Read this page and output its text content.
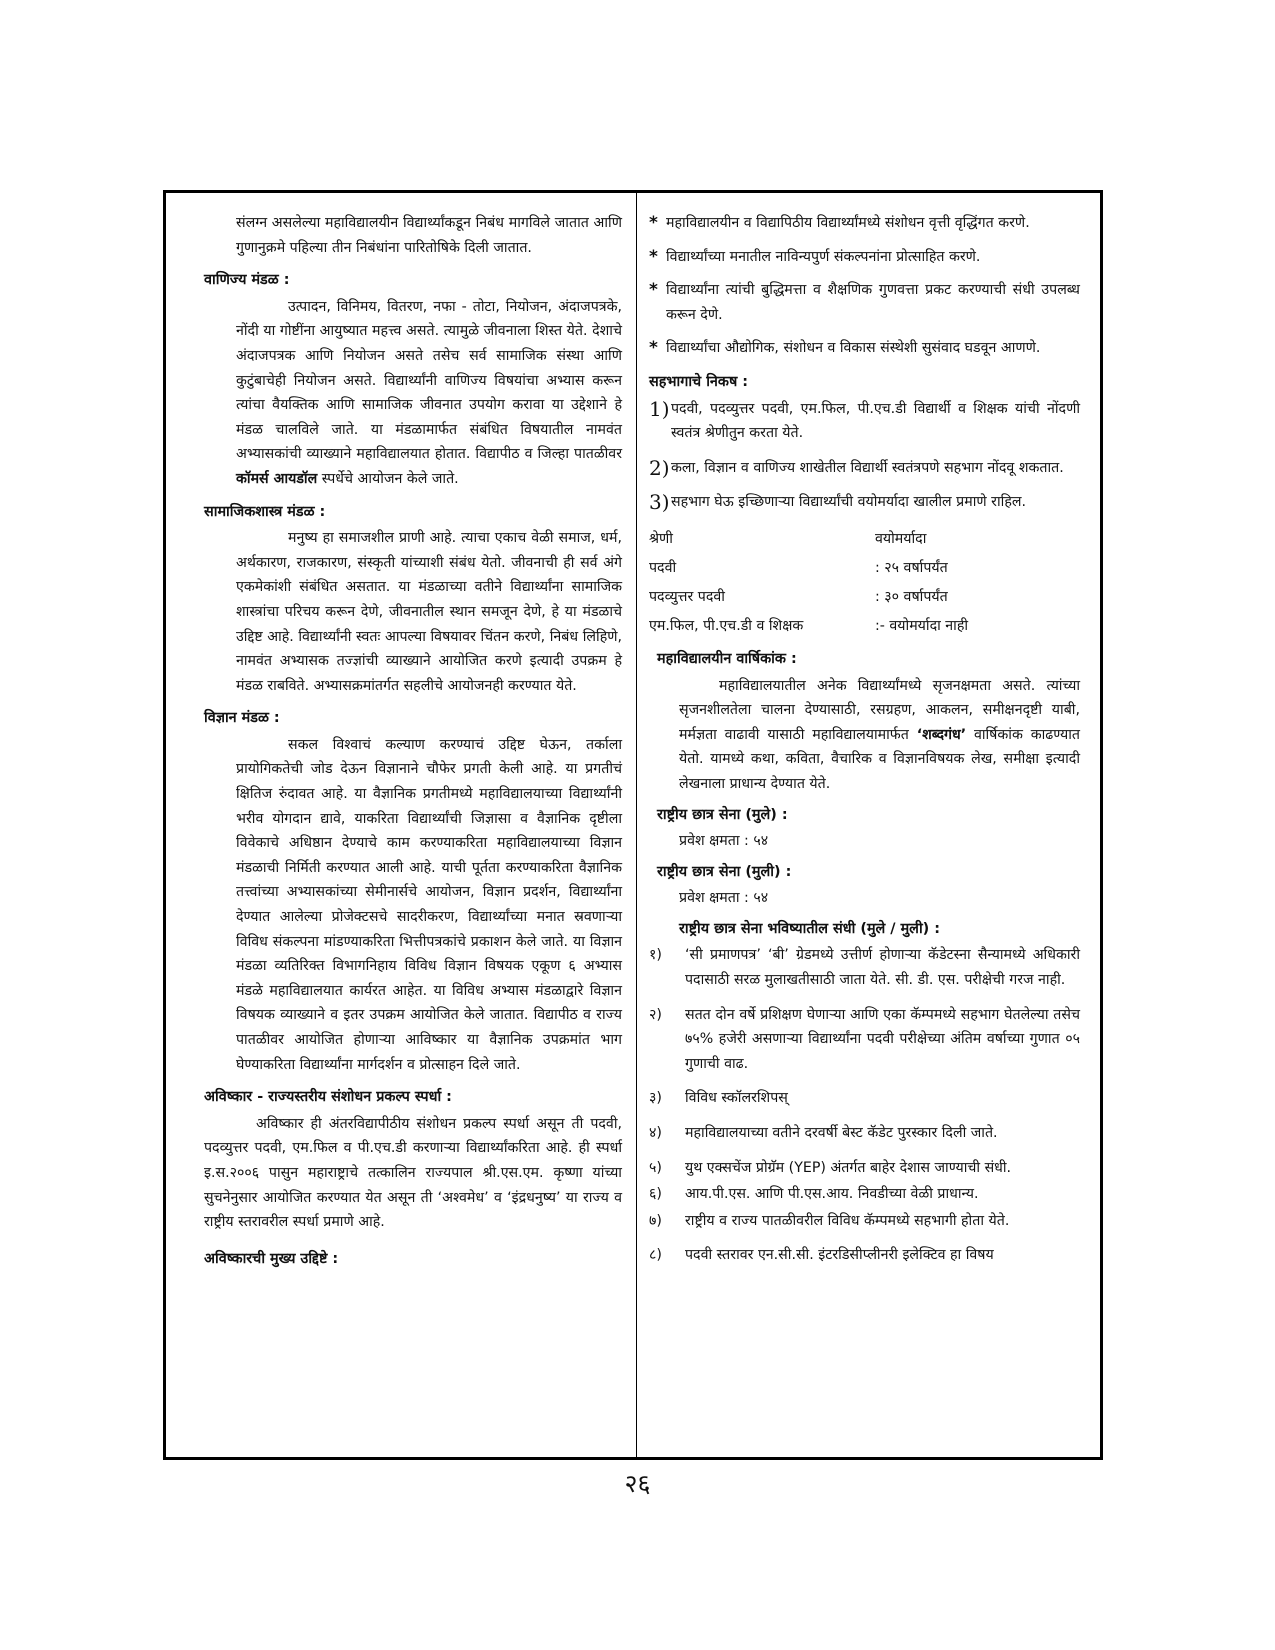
संलग्न असलेल्या महाविद्यालयीन विद्यार्थ्यांकडून निबंध मागविले जातात आणि गुणानुक्रमे पहिल्या तीन निबंधांना पारितोषिके दिली जातात.

वाणिज्य मंडळ :

उत्पादन, विनिमय, वितरण, नफा - तोटा, नियोजन, अंदाजपत्रके, नोंदी या गोष्टींना आयुष्यात महत्त्व असते. त्यामुळे जीवनाला शिस्त येते. देशाचे अंदाजपत्रक आणि नियोजन असते तसेच सर्व सामाजिक संस्था आणि कुटुंबाचेही नियोजन असते. विद्यार्थ्यांनी वाणिज्य विषयांचा अभ्यास करून त्यांचा वैयक्तिक आणि सामाजिक जीवनात उपयोग करावा या उद्देशाने हे मंडळ चालविले जाते. या मंडळामार्फत संबंधित विषयातील नामवंत अभ्यासकांची व्याख्याने महाविद्यालयात होतात. विद्यापीठ व जिल्हा पातळीवर कॉमर्स आयडॉल स्पर्धेचे आयोजन केले जाते.

सामाजिकशास्त्र मंडळ :

मनुष्य हा समाजशील प्राणी आहे. त्याचा एकाच वेळी समाज, धर्म, अर्थकारण, राजकारण, संस्कृती यांच्याशी संबंध येतो. जीवनाची ही सर्व अंगे एकमेकांशी संबंधित असतात. या मंडळाच्या वतीने विद्यार्थ्यांना सामाजिक शास्त्रांचा परिचय करून देणे, जीवनातील स्थान समजून देणे, हे या मंडळाचे उद्दिष्ट आहे. विद्यार्थ्यांनी स्वतः आपल्या विषयावर चिंतन करणे, निबंध लिहिणे, नामवंत अभ्यासक तज्ज्ञांची व्याख्याने आयोजित करणे इत्यादी उपक्रम हे मंडळ राबविते. अभ्यासक्रमांतर्गत सहलीचे आयोजनही करण्यात येते.

विज्ञान मंडळ :

सकल विश्वाचं कल्याण करण्याचं उद्दिष्ट घेऊन, तर्काला प्रायोगिकतेची जोड देऊन विज्ञानाने चौफेर प्रगती केली आहे. या प्रगतीचं क्षितिज रुंदावत आहे. या वैज्ञानिक प्रगतीमध्ये महाविद्यालयाच्या विद्यार्थ्यांनी भरीव योगदान द्यावे, याकरिता विद्यार्थ्यांची जिज्ञासा व वैज्ञानिक दृष्टीला विवेकाचे अधिष्ठान देण्याचे काम करण्याकरिता महाविद्यालयाच्या विज्ञान मंडळाची निर्मिती करण्यात आली आहे. याची पूर्तता करण्याकरिता वैज्ञानिक तत्त्वांच्या अभ्यासकांच्या सेमीनार्सचे आयोजन, विज्ञान प्रदर्शन, विद्यार्थ्यांना देण्यात आलेल्या प्रोजेक्टसचे सादरीकरण, विद्यार्थ्यांच्या मनात स्रवणाऱ्या विविध संकल्पना मांडण्याकरिता भित्तीपत्रकांचे प्रकाशन केले जाते. या विज्ञान मंडळा व्यतिरिक्त विभागनिहाय विविध विज्ञान विषयक एकूण ६ अभ्यास मंडळे महाविद्यालयात कार्यरत आहेत. या विविध अभ्यास मंडळाद्वारे विज्ञान विषयक व्याख्याने व इतर उपक्रम आयोजित केले जातात. विद्यापीठ व राज्य पातळीवर आयोजित होणाऱ्या आविष्कार या वैज्ञानिक उपक्रमांत भाग घेण्याकरिता विद्यार्थ्यांना मार्गदर्शन व प्रोत्साहन दिले जाते.

अविष्कार - राज्यस्तरीय संशोधन प्रकल्प स्पर्धा :

अविष्कार ही अंतरविद्यापीठीय संशोधन प्रकल्प स्पर्धा असून ती पदवी, पदव्युत्तर पदवी, एम.फिल व पी.एच.डी करणाऱ्या विद्यार्थ्यांकरिता आहे. ही स्पर्धा इ.स.२००६ पासुन महाराष्ट्राचे तत्कालिन राज्यपाल श्री.एस.एम. कृष्णा यांच्या सुचनेनुसार आयोजित करण्यात येत असून ती ‘अश्वमेध’ व ‘इंद्रधनुष्य’ या राज्य व राष्ट्रीय स्तरावरील स्पर्धा प्रमाणे आहे.

अविष्कारची मुख्य उद्दिष्टे :
* महाविद्यालयीन व विद्यापिठीय विद्यार्थ्यांमध्ये संशोधन वृत्ती वृद्धिंगत करणे.
* विद्यार्थ्यांच्या मनातील नाविन्यपुर्ण संकल्पनांना प्रोत्साहित करणे.
* विद्यार्थ्यांना त्यांची बुद्धिमत्ता व शैक्षणिक गुणवत्ता प्रकट करण्याची संधी उपलब्ध करून देणे.
* विद्यार्थ्यांचा औद्योगिक, संशोधन व विकास संस्थेशी सुसंवाद घडवून आणणे.
सहभागाचे निकष :
1) पदवी, पदव्युत्तर पदवी, एम.फिल, पी.एच.डी विद्यार्थी व शिक्षक यांची नोंदणी स्वतंत्र श्रेणीतुन करता येते.
2) कला, विज्ञान व वाणिज्य शाखेतील विद्यार्थी स्वतंत्रपणे सहभाग नोंदवू शकतात.
3) सहभाग घेऊ इच्छिणाऱ्या विद्यार्थ्यांची वयोमर्यादा खालील प्रमाणे राहिल.
श्रेणी	वयोमर्यादा
पदवी	: २५ वर्षापर्यंत
पदव्युत्तर पदवी	: ३० वर्षापर्यंत
एम.फिल, पी.एच.डी व शिक्षक	:- वयोमर्यादा नाही
महाविद्यालयीन वार्षिकांक :

महाविद्यालयातील अनेक विद्यार्थ्यांमध्ये सृजनक्षमता असते. त्यांच्या सृजनशीलतेला चालना देण्यासाठी, रसग्रहण, आकलन, समीक्षनदृष्टी याबी, मर्मज्ञता वाढावी यासाठी महाविद्यालयामार्फत ‘शब्दगंध’ वार्षिकांक काढण्यात येतो. यामध्ये कथा, कविता, वैचारिक व विज्ञानविषयक लेख, समीक्षा इत्यादी लेखनाला प्राधान्य देण्यात येते.

राष्ट्रीय छात्र सेना (मुले) :
प्रवेश क्षमता : ५४
राष्ट्रीय छात्र सेना (मुली) :
प्रवेश क्षमता : ५४
राष्ट्रीय छात्र सेना भविष्यातील संधी (मुले / मुली) :
१)	‘सी प्रमाणपत्र’ ‘बी’ ग्रेडमध्ये उत्तीर्ण होणाऱ्या कॅडेटस्ना सैन्यामध्ये अधिकारी पदासाठी सरळ मुलाखतीसाठी जाता येते. सी. डी. एस. परीक्षेची गरज नाही.
२)	सतत दोन वर्षे प्रशिक्षण घेणाऱ्या आणि एका कॅम्पमध्ये सहभाग घेतलेल्या तसेच ७५% हजेरी असणाऱ्या विद्यार्थ्यांना पदवी परीक्षेच्या अंतिम वर्षाच्या गुणात ०५ गुणाची वाढ.
३)	विविध स्कॉलरशिपस्
४)	महाविद्यालयाच्या वतीने दरवर्षी बेस्ट कॅडेट पुरस्कार दिली जाते.
५)	युथ एक्सचेंज प्रोग्रॅम (YEP) अंतर्गत बाहेर देशास जाण्याची संधी.
६)	आय.पी.एस. आणि पी.एस.आय. निवडीच्या वेळी प्राधान्य.
७)	राष्ट्रीय व राज्य पातळीवरील विविध कॅम्पमध्ये सहभागी होता येते.
८)	पदवी स्तरावर एन.सी.सी. इंटरडिसीप्लीनरी इलेक्टिव हा विषय
२६
